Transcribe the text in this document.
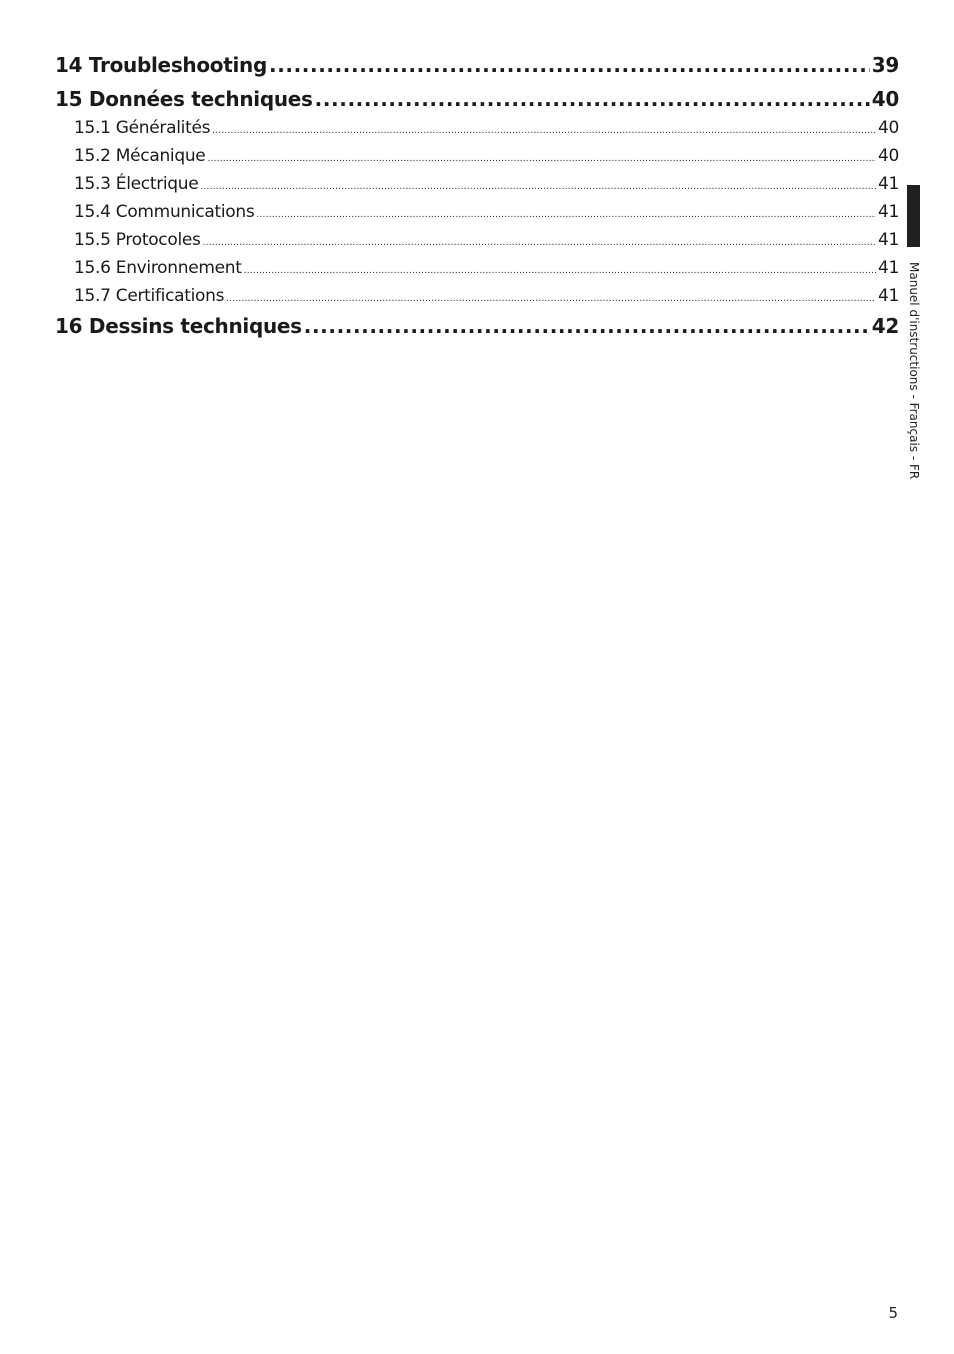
14 Troubleshooting .....	39
15 Données techniques .....	40
15.1 Généralités .....	40
15.2 Mécanique .....	40
15.3 Électrique .....	41
15.4 Communications .....	41
15.5 Protocoles .....	41
15.6 Environnement .....	41
15.7 Certifications .....	41
16 Dessins techniques .....	42 Manuel d'instructions - Français - FR
5
